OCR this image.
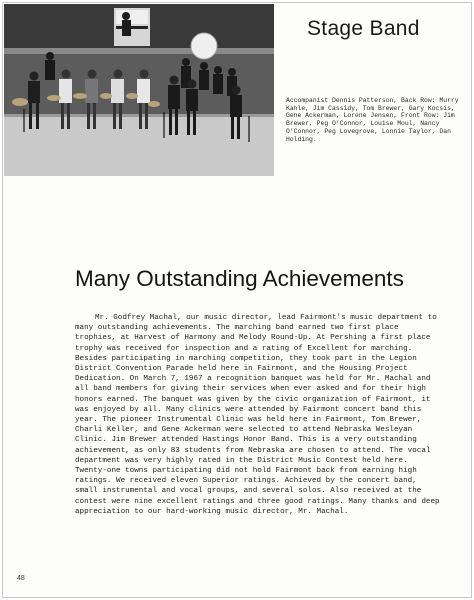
Stage Band
Accompanist Dennis Patterson, Back Row: Murry Kahle, Jim Cassidy, Tom Brewer, Gary Kocsis, Gene Ackerman, Lorene Jensen, Front Row: Jim Brewer, Peg O'Connor, Louise Moul, Nancy O'Connor, Peg Lovegrove, Lonnie Taylor, Dan Holding.
Many Outstanding Achievements
Mr. Godfrey Machal, our music director, lead Fairmont's music department to many outstanding achievements. The marching band earned two first place trophies, at Harvest of Harmony and Melody Round-Up. At Pershing a first place trophy was received for inspection and a rating of Excellent for marching. Besides participating in marching competition, they took part in the Legion District Convention Parade held here in Fairmont, and the Housing Project Dedication. On March 7, 1967 a recognition banquet was held for Mr. Machal and all band members for giving their services when ever asked and for their high honors earned. The banquet was given by the civic organization of Fairmont, it was enjoyed by all. Many clinics were attended by Fairmont concert band this year. The pioneer Instrumental Clinic was held here in Fairmont, Tom Brewer, Charli Keller, and Gene Ackerman were selected to attend Nebraska Wesleyan Clinic. Jim Brewer attended Hastings Honor Band. This is a very outstanding achievement, as only 83 students from Nebraska are chosen to attend. The vocal department was very highly rated in the District Music Contest held here. Twenty-one towns participating did not hold Fairmont back from earning high ratings. We received eleven Superior ratings. Achieved by the concert band, small instrumental and vocal groups, and several solos. Also received at the contest were nine excellent ratings and three good ratings. Many thanks and deep appreciation to our hard-working music director, Mr. Machal.
48
